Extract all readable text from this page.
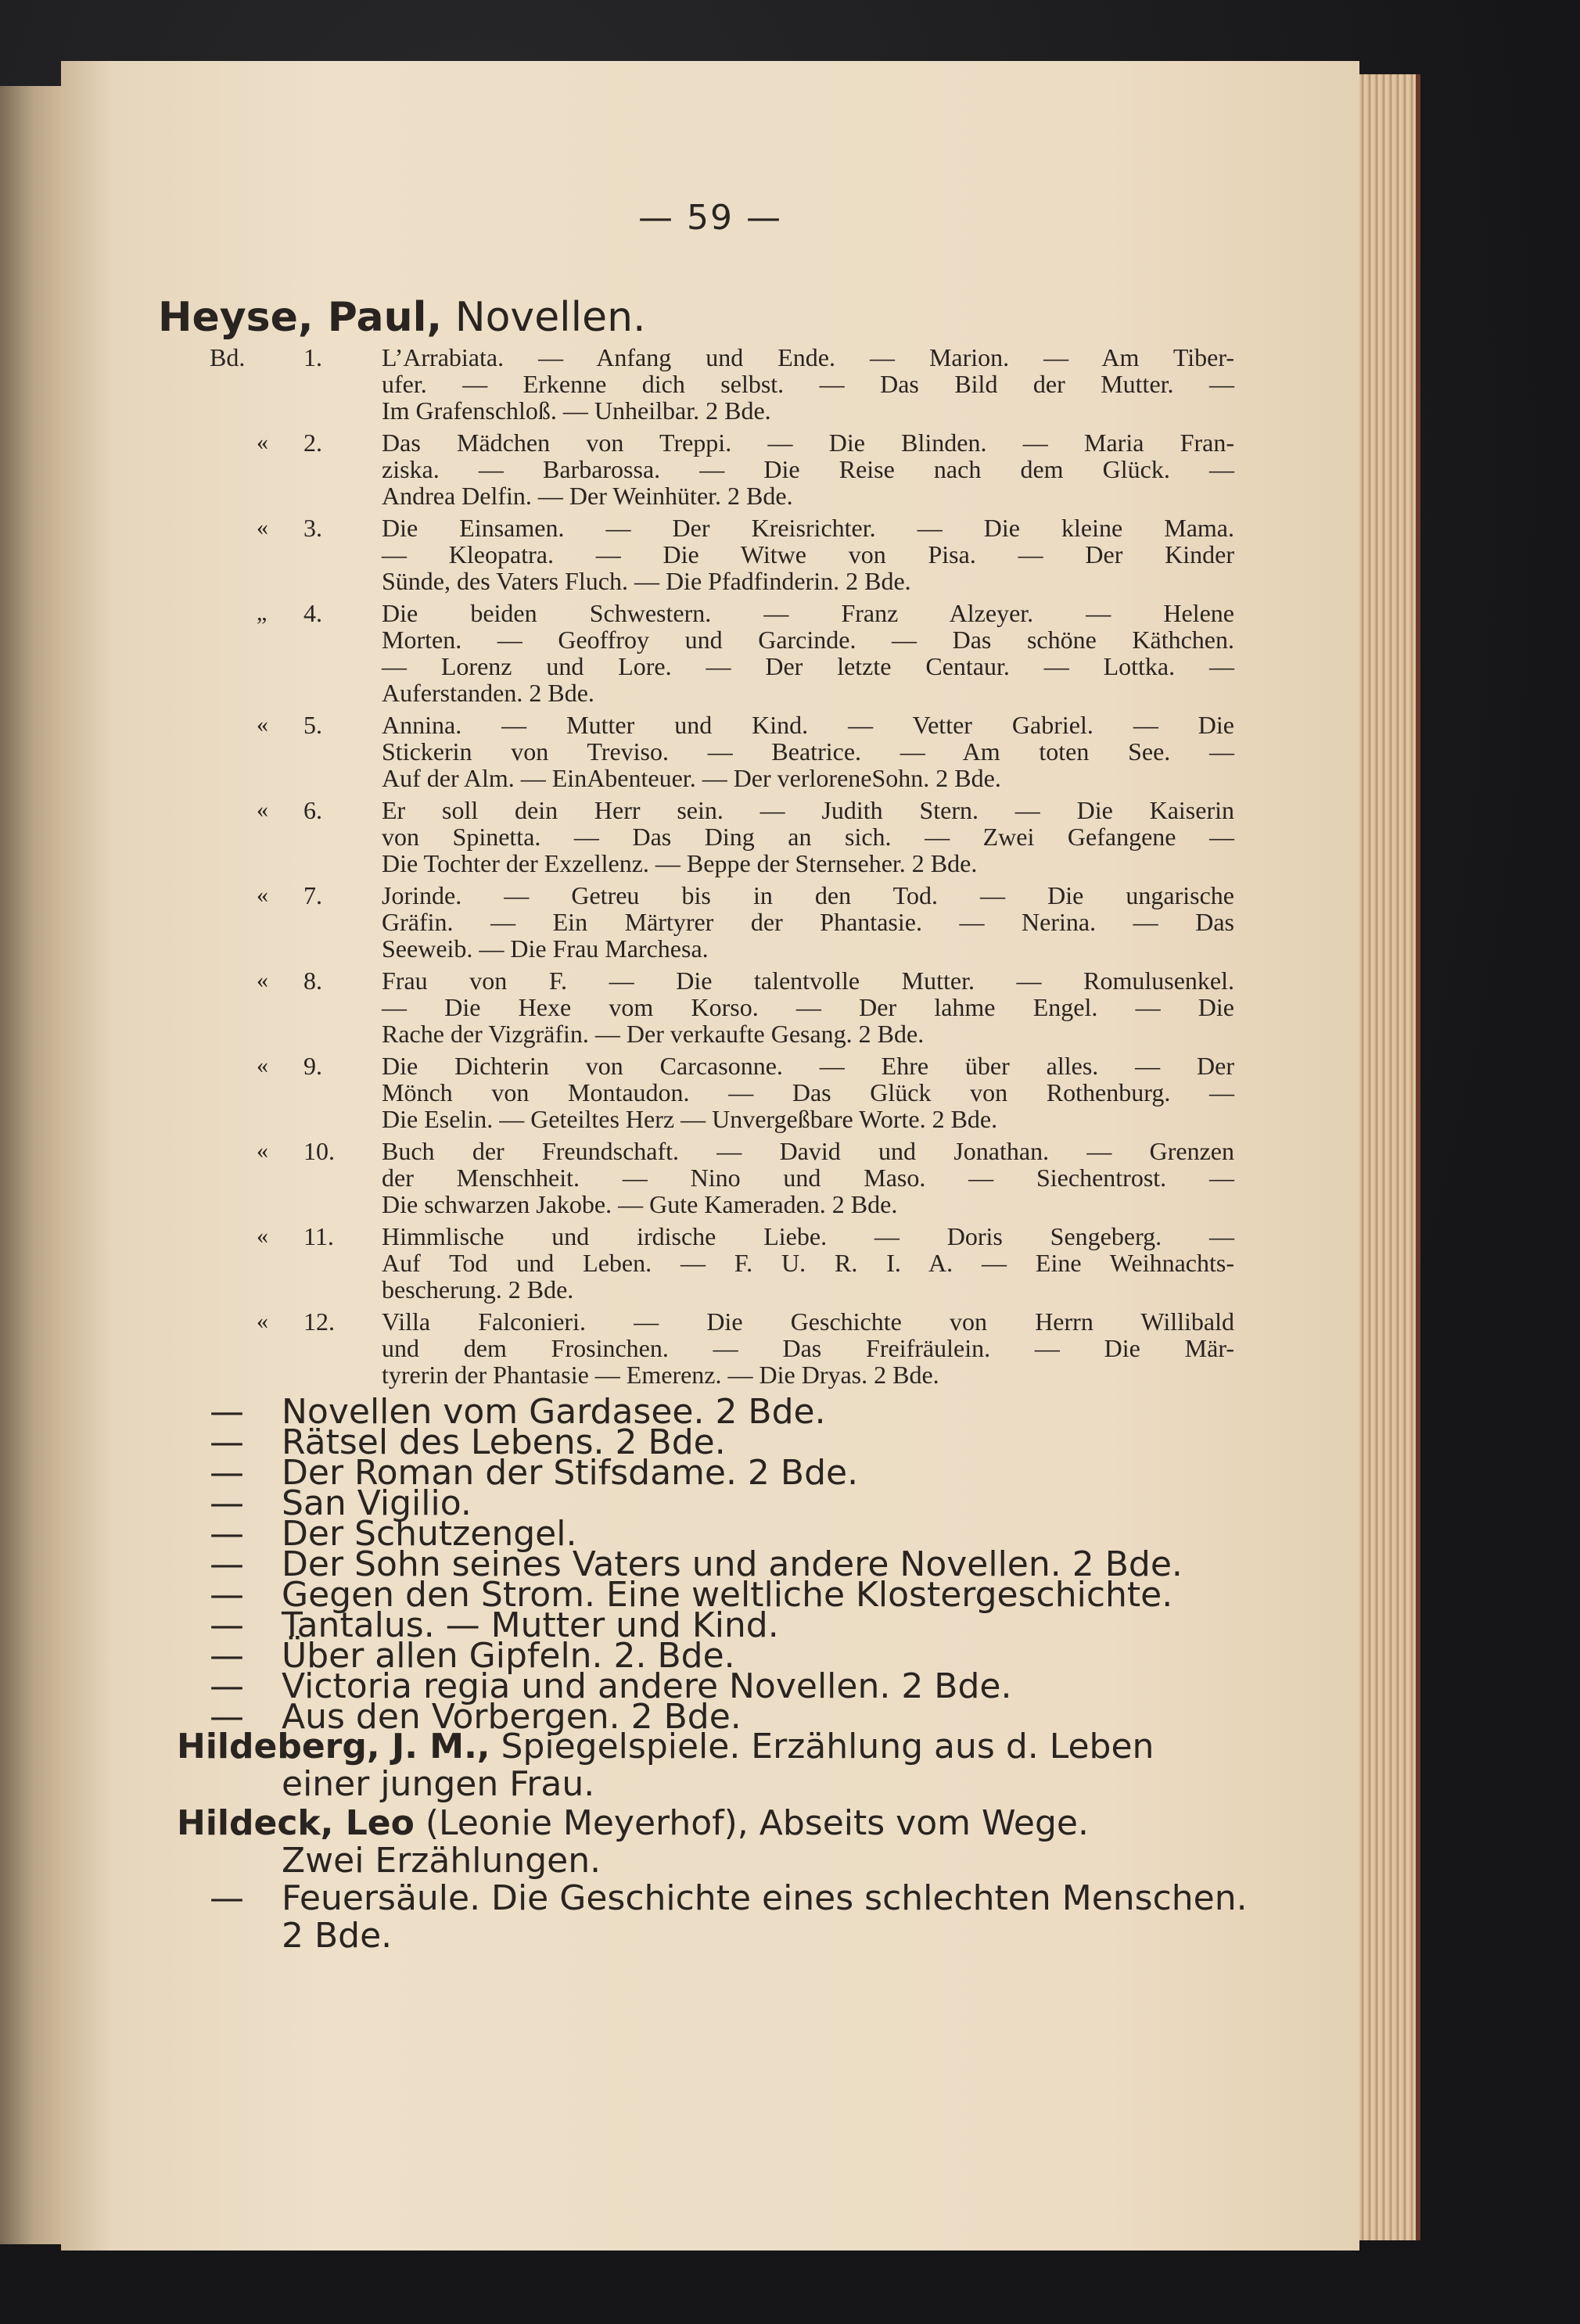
— 59 —
Heyse, Paul, Novellen.
Bd. 1.	L’Arrabiata. — Anfang und Ende. — Marion. — Am Tiber-
ufer. — Erkenne dich selbst. — Das Bild der Mutter. —
Im Grafenschloß. — Unheilbar. 2 Bde.
«	2.	Das Mädchen von Treppi. — Die Blinden. — Maria Fran-
ziska. — Barbarossa. — Die Reise nach dem Glück. —
Andrea Delfin. — Der Weinhüter. 2 Bde.
«	3.	Die Einsamen. — Der Kreisrichter. — Die kleine Mama.
— Kleopatra. — Die Witwe von Pisa. — Der Kinder
Sünde, des Vaters Fluch. — Die Pfadfinderin. 2 Bde.
„	4.	Die beiden Schwestern. — Franz Alzeyer. — Helene
Morten. — Geoffroy und Garcinde. — Das schöne Käthchen.
— Lorenz und Lore. — Der letzte Centaur. — Lottka. —
Auferstanden. 2 Bde.
«	5.	Annina. — Mutter und Kind. — Vetter Gabriel. — Die
Stickerin von Treviso. — Beatrice. — Am toten See. —
Auf der Alm. — EinAbenteuer. — Der verloreneSohn. 2 Bde.
«	6.	Er soll dein Herr sein. — Judith Stern. — Die Kaiserin
von Spinetta. — Das Ding an sich. — Zwei Gefangene —
Die Tochter der Exzellenz. — Beppe der Sternseher. 2 Bde.
«	7.	Jorinde. — Getreu bis in den Tod. — Die ungarische
Gräfin. — Ein Märtyrer der Phantasie. — Nerina. — Das
Seeweib. — Die Frau Marchesa.
«	8.	Frau von F. — Die talentvolle Mutter. — Romulusenkel.
— Die Hexe vom Korso. — Der lahme Engel. — Die
Rache der Vizgräfin. — Der verkaufte Gesang. 2 Bde.
«	9.	Die Dichterin von Carcasonne. — Ehre über alles. — Der
Mönch von Montaudon. — Das Glück von Rothenburg. —
Die Eselin. — Geteiltes Herz — Unvergeßbare Worte. 2 Bde.
«	10.	Buch der Freundschaft. — David und Jonathan. — Grenzen
der Menschheit. — Nino und Maso. — Siechentrost. —
Die schwarzen Jakobe. — Gute Kameraden. 2 Bde.
«	11.	Himmlische und irdische Liebe. — Doris Sengeberg. —
Auf Tod und Leben. — F. U. R. I. A. — Eine Weihnachts-
bescherung. 2 Bde.
«	12.	Villa Falconieri. — Die Geschichte von Herrn Willibald
und dem Frosinchen. — Das Freifräulein. — Die Mär-
tyrerin der Phantasie — Emerenz. — Die Dryas. 2 Bde.
— Novellen vom Gardasee. 2 Bde.
— Rätsel des Lebens. 2 Bde.
— Der Roman der Stifsdame. 2 Bde.
— San Vigilio.
— Der Schutzengel.
— Der Sohn seines Vaters und andere Novellen. 2 Bde.
— Gegen den Strom. Eine weltliche Klostergeschichte.
— Tantalus. — Mutter und Kind.
— Über allen Gipfeln. 2. Bde.
— Victoria regia und andere Novellen. 2 Bde.
— Aus den Vorbergen. 2 Bde.
Hildeberg, J. M., Spiegelspiele. Erzählung aus d. Leben
einer jungen Frau.
Hildeck, Leo (Leonie Meyerhof), Abseits vom Wege.
Zwei Erzählungen.
— Feuersäule. Die Geschichte eines schlechten Menschen.
2 Bde.
